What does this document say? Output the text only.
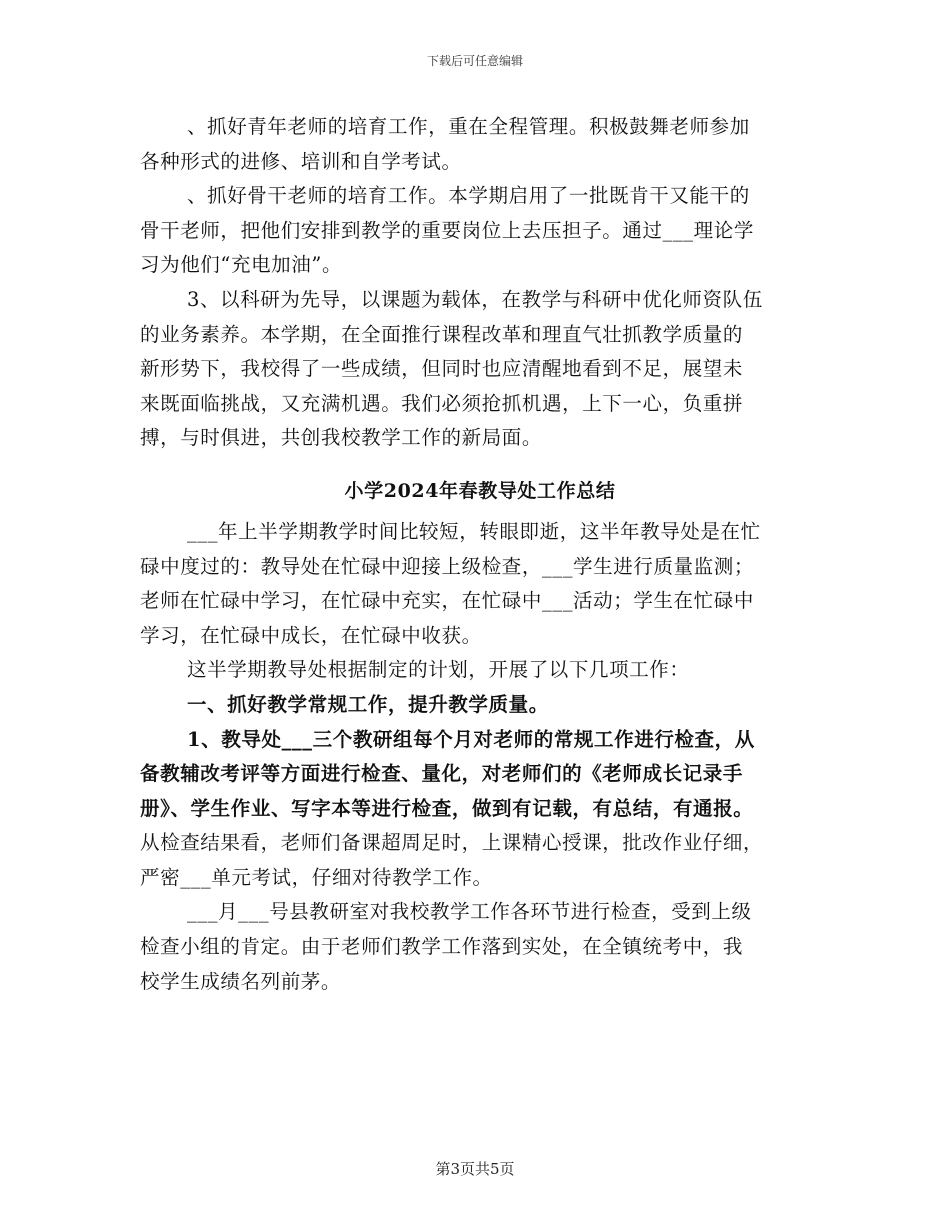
下载后可任意编辑

、抓好青年老师的培育工作，重在全程管理。积极鼓舞老师参加

各种形式的进修、培训和自学考试。

、抓好骨干老师的培育工作。本学期启用了一批既肯干又能干的

骨干老师，把他们安排到教学的重要岗位上去压担子。通过___理论学

习为他们“充电加油”。

3、以科研为先导，以课题为载体，在教学与科研中优化师资队伍

的业务素养。本学期，在全面推行课程改革和理直气壮抓教学质量的

新形势下，我校得了一些成绩，但同时也应清醒地看到不足，展望未

来既面临挑战，又充满机遇。我们必须抢抓机遇，上下一心，负重拼

搏，与时俱进，共创我校教学工作的新局面。

小学2024年春教导处工作总结

___年上半学期教学时间比较短，转眼即逝，这半年教导处是在忙

碌中度过的：教导处在忙碌中迎接上级检查，___学生进行质量监测；

老师在忙碌中学习，在忙碌中充实，在忙碌中___活动；学生在忙碌中

学习，在忙碌中成长，在忙碌中收获。

这半学期教导处根据制定的计划，开展了以下几项工作：

一、抓好教学常规工作，提升教学质量。

1、教导处___三个教研组每个月对老师的常规工作进行检查，从

备教辅改考评等方面进行检查、量化，对老师们的《老师成长记录手

册》、学生作业、写字本等进行检查，做到有记载，有总结，有通报。

从检查结果看，老师们备课超周足时，上课精心授课，批改作业仔细，

严密___单元考试，仔细对待教学工作。

___月___号县教研室对我校教学工作各环节进行检查，受到上级

检查小组的肯定。由于老师们教学工作落到实处，在全镇统考中，我

校学生成绩名列前茅。

第3页共5页
